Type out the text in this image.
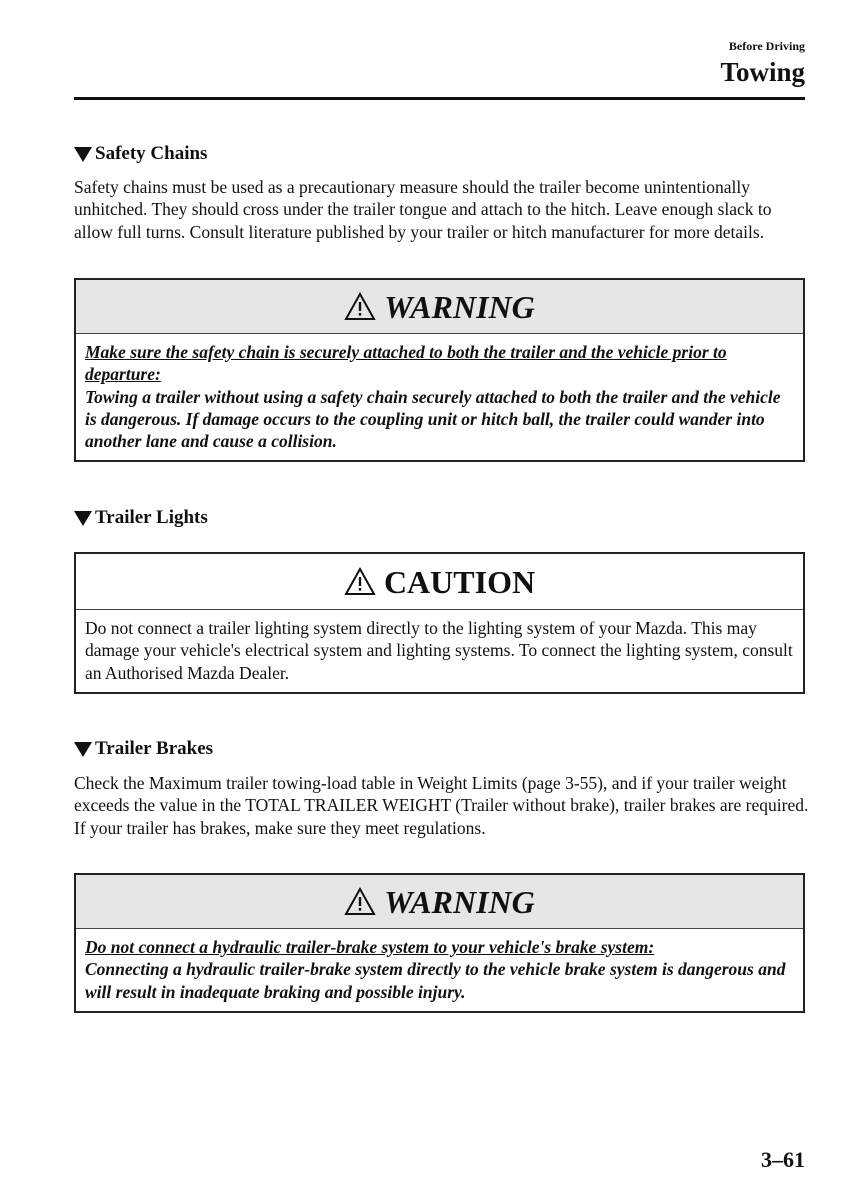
Before Driving
Towing
Safety Chains
Safety chains must be used as a precautionary measure should the trailer become unintentionally unhitched. They should cross under the trailer tongue and attach to the hitch. Leave enough slack to allow full turns. Consult literature published by your trailer or hitch manufacturer for more details.
WARNING
Make sure the safety chain is securely attached to both the trailer and the vehicle prior to departure:
Towing a trailer without using a safety chain securely attached to both the trailer and the vehicle is dangerous. If damage occurs to the coupling unit or hitch ball, the trailer could wander into another lane and cause a collision.
Trailer Lights
CAUTION
Do not connect a trailer lighting system directly to the lighting system of your Mazda. This may damage your vehicle's electrical system and lighting systems. To connect the lighting system, consult an Authorised Mazda Dealer.
Trailer Brakes
Check the Maximum trailer towing-load table in Weight Limits (page 3-55), and if your trailer weight exceeds the value in the TOTAL TRAILER WEIGHT (Trailer without brake), trailer brakes are required.
If your trailer has brakes, make sure they meet regulations.
WARNING
Do not connect a hydraulic trailer-brake system to your vehicle's brake system:
Connecting a hydraulic trailer-brake system directly to the vehicle brake system is dangerous and will result in inadequate braking and possible injury.
3–61
